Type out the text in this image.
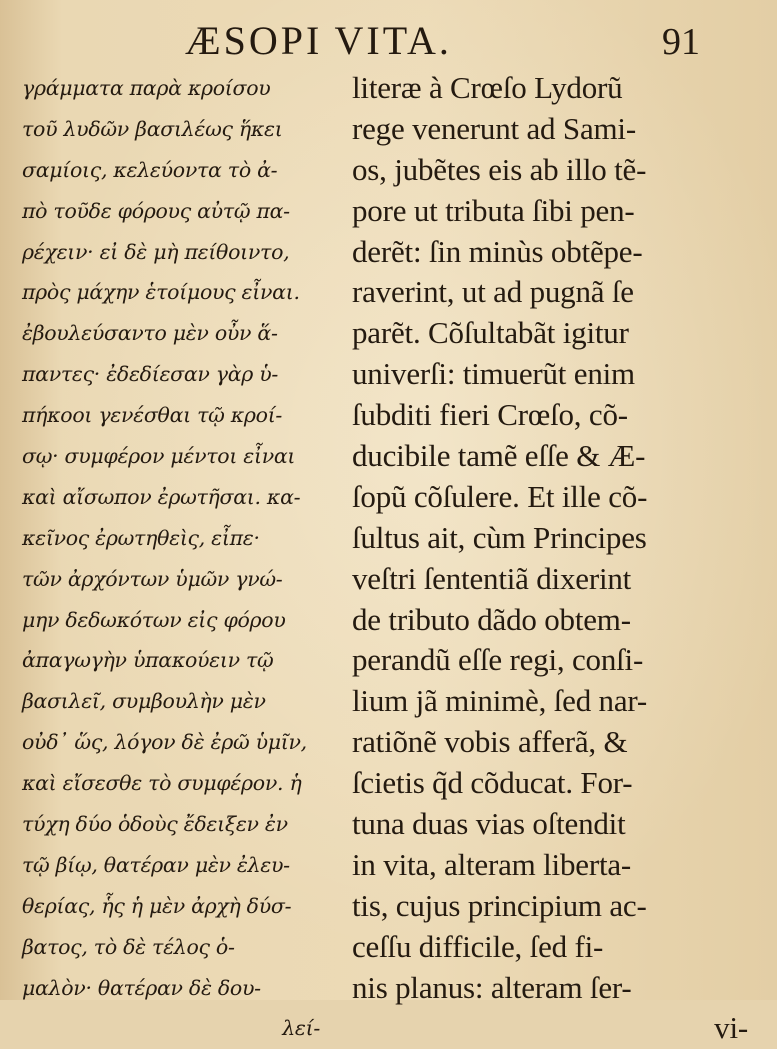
ÆSOPI VITA.	91
γράμματα παρὰ κροίσου
τοῦ λυδῶν βασιλέως ἥκει
σαμίοις, κελεύοντα τὸ ἀ-
πὸ τοῦδε φόρους αὐτῷ πα-
ρέχειν· εἰ δὲ μὴ πείθοιντο,
πρὸς μάχην ἑτοίμους εἶναι.
ἐβουλεύσαντο μὲν οὖν ἅ-
παντες· ἐδεδίεσαν γὰρ ὑ-
πήκοοι γενέσθαι τῷ κροί-
σῳ· συμφέρον μέντοι εἶναι
καὶ αἴσωπον ἐρωτῆσαι. κα-
κεῖνος ἐρωτηθεὶς, εἶπε·
τῶν ἀρχόντων ὑμῶν γνώ-
μην δεδωκότων εἰς φόρου
ἀπαγωγὴν ὑπακούειν τῷ
βασιλεῖ, συμβουλὴν μὲν
οὐδ᾽ ὥς, λόγον δὲ ἐρῶ ὑμῖν,
καὶ εἴσεσθε τὸ συμφέρον. ἡ
τύχη δύο ὁδοὺς ἔδειξεν ἐν
τῷ βίῳ, θατέραν μὲν ἐλευ-
θερίας, ἧς ἡ μὲν ἀρχὴ δύσ-
βατος, τὸ δὲ τέλος ὁ-
μαλὸν· θατέραν δὲ δου-
λεί-
literæ à Crœſo Lydorũ
rege venerunt ad Sami-
os, jubẽtes eis ab illo tẽ-
pore ut tributa ſibi pen-
derẽt: ſin minùs obtẽpe-
raverint, ut ad pugnã ſe
parẽt. Cõſultabãt igitur
univerſi: timuerũt enim
ſubditi fieri Crœſo, cõ-
ducibile tamẽ eſſe & Æ-
ſopũ cõſulere. Et ille cõ-
ſultus ait, cùm Principes
veſtri ſententiã dixerint
de tributo dãdo obtem-
perandũ eſſe regi, conſi-
lium jã minimè, ſed nar-
ratiõnẽ vobis afferã, &
ſcietis q̃d cõducat. For-
tuna duas vias oſtendit
in vita, alteram liberta-
tis, cujus principium ac-
ceſſu difficile, ſed fi-
nis planus: alteram ſer-
vi-
